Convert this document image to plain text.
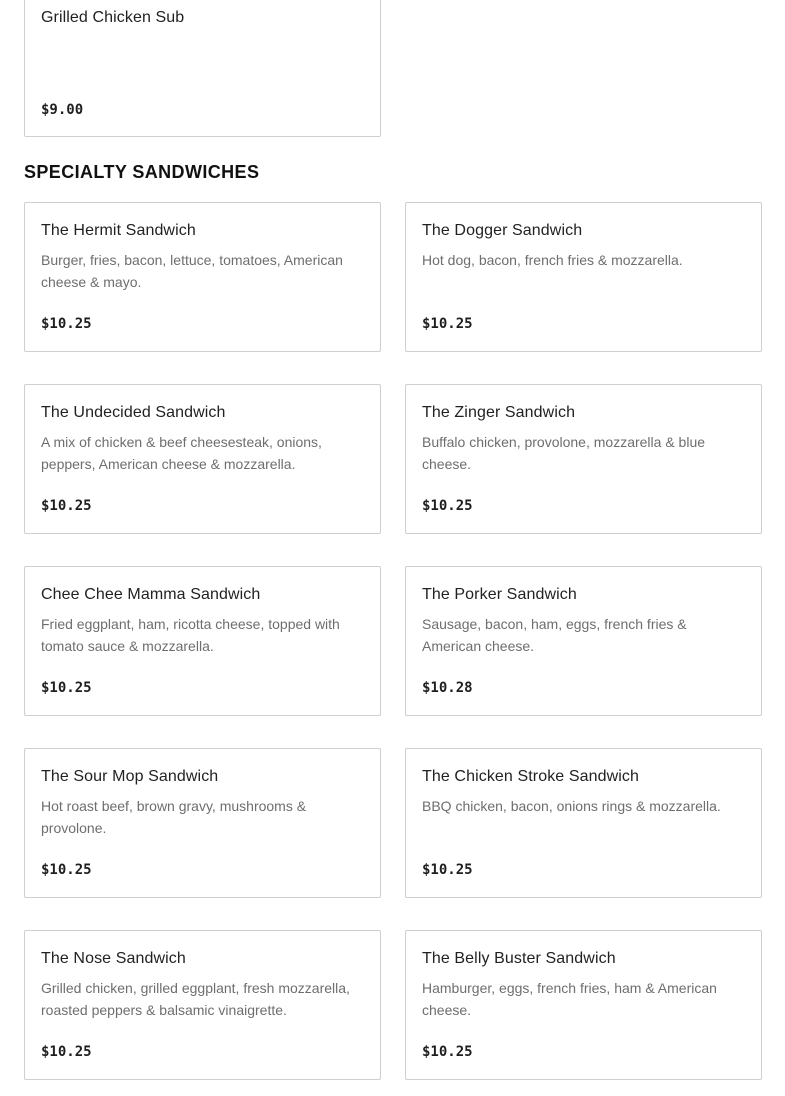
Grilled Chicken Sub
$9.00
SPECIALTY SANDWICHES
The Hermit Sandwich
Burger, fries, bacon, lettuce, tomatoes, American cheese & mayo.
$10.25
The Dogger Sandwich
Hot dog, bacon, french fries & mozzarella.
$10.25
The Undecided Sandwich
A mix of chicken & beef cheesesteak, onions, peppers, American cheese & mozzarella.
$10.25
The Zinger Sandwich
Buffalo chicken, provolone, mozzarella & blue cheese.
$10.25
Chee Chee Mamma Sandwich
Fried eggplant, ham, ricotta cheese, topped with tomato sauce & mozzarella.
$10.25
The Porker Sandwich
Sausage, bacon, ham, eggs, french fries & American cheese.
$10.28
The Sour Mop Sandwich
Hot roast beef, brown gravy, mushrooms & provolone.
$10.25
The Chicken Stroke Sandwich
BBQ chicken, bacon, onions rings & mozzarella.
$10.25
The Nose Sandwich
Grilled chicken, grilled eggplant, fresh mozzarella, roasted peppers & balsamic vinaigrette.
$10.25
The Belly Buster Sandwich
Hamburger, eggs, french fries, ham & American cheese.
$10.25
